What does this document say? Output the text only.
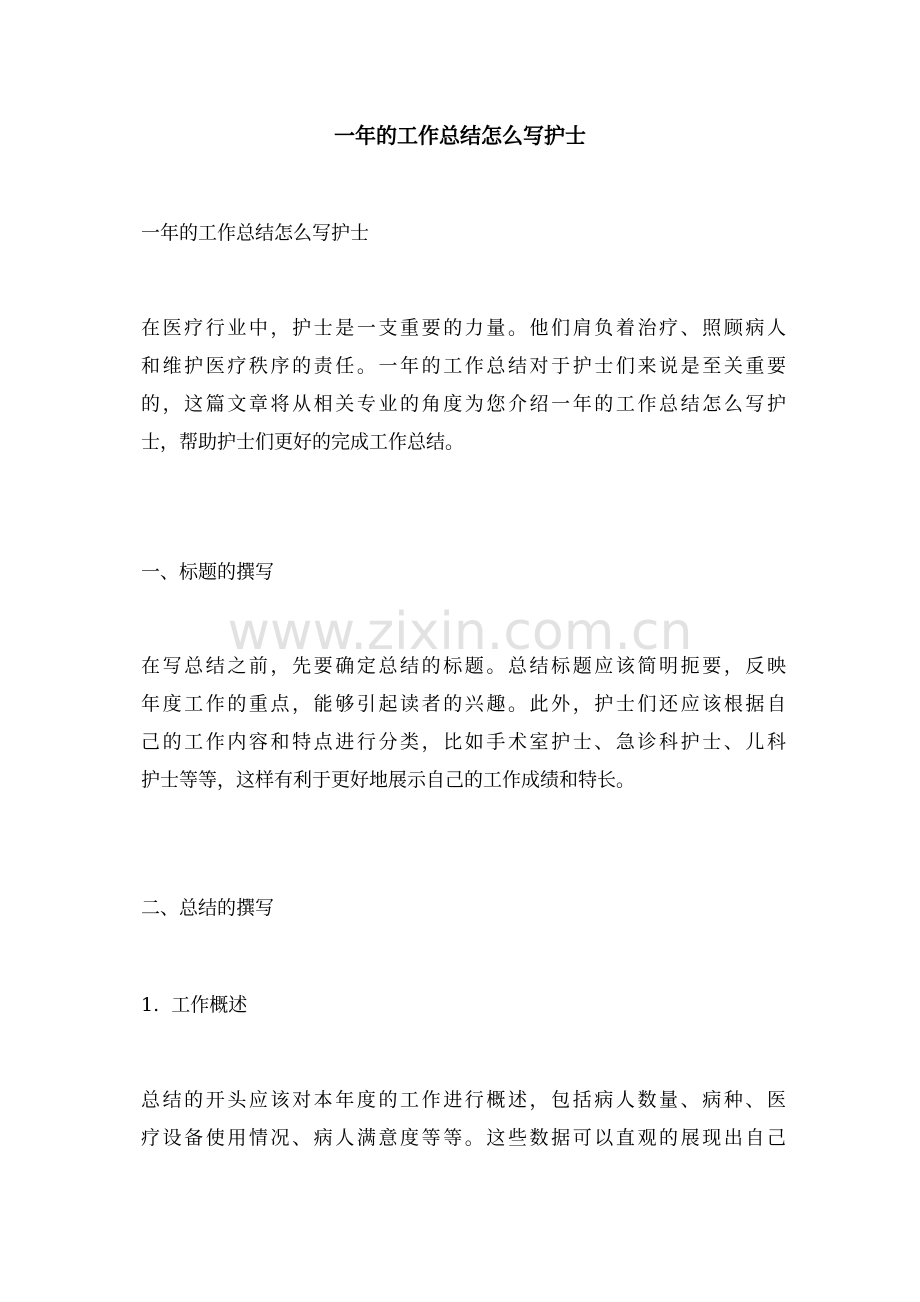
一年的工作总结怎么写护士

一年的工作总结怎么写护士

在医疗行业中，护士是一支重要的力量。他们肩负着治疗、照顾病人
和维护医疗秩序的责任。一年的工作总结对于护士们来说是至关重要
的，这篇文章将从相关专业的角度为您介绍一年的工作总结怎么写护
士，帮助护士们更好的完成工作总结。

一、标题的撰写

www.zixin.com.cn
在写总结之前，先要确定总结的标题。总结标题应该简明扼要，反映
年度工作的重点，能够引起读者的兴趣。此外，护士们还应该根据自
己的工作内容和特点进行分类，比如手术室护士、急诊科护士、儿科
护士等等，这样有利于更好地展示自己的工作成绩和特长。

二、总结的撰写

1.  工作概述

总结的开头应该对本年度的工作进行概述，包括病人数量、病种、医
疗设备使用情况、病人满意度等等。这些数据可以直观的展现出自己
